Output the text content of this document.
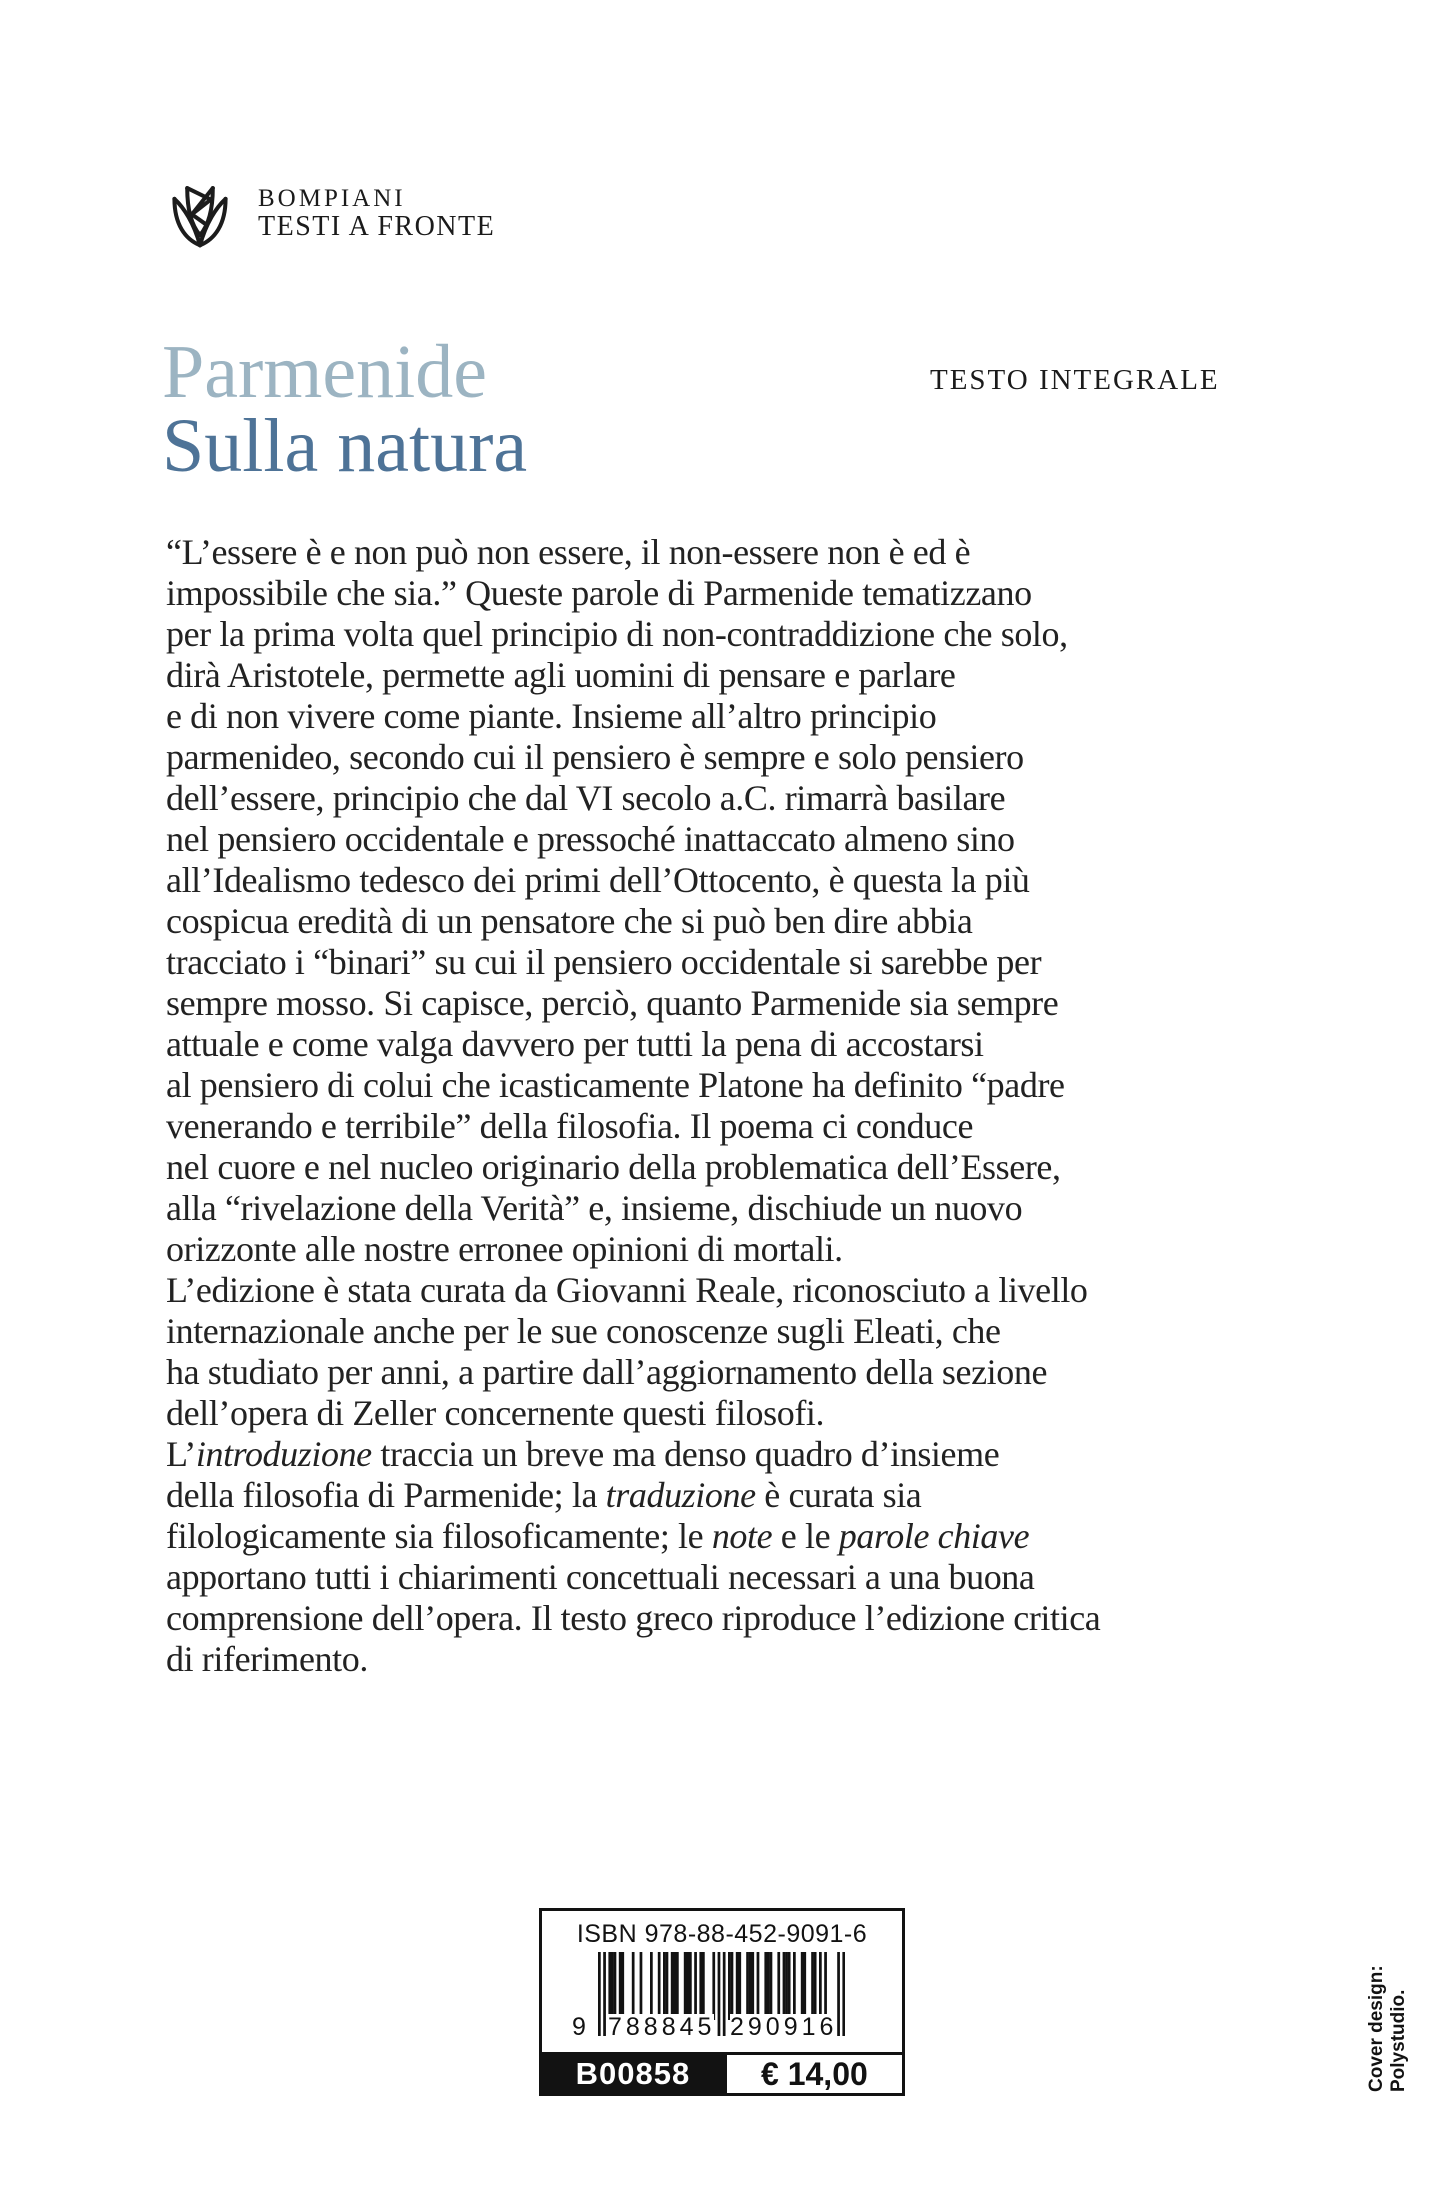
BOMPIANI
TESTI A FRONTE
Parmenide
Sulla natura
TESTO INTEGRALE
“L’essere è e non può non essere, il non-essere non è ed è
impossibile che sia.” Queste parole di Parmenide tematizzano
per la prima volta quel principio di non-contraddizione che solo,
dirà Aristotele, permette agli uomini di pensare e parlare
e di non vivere come piante. Insieme all’altro principio
parmenideo, secondo cui il pensiero è sempre e solo pensiero
dell’essere, principio che dal VI secolo a.C. rimarrà basilare
nel pensiero occidentale e pressoché inattaccato almeno sino
all’Idealismo tedesco dei primi dell’Ottocento, è questa la più
cospicua eredità di un pensatore che si può ben dire abbia
tracciato i “binari” su cui il pensiero occidentale si sarebbe per
sempre mosso. Si capisce, perciò, quanto Parmenide sia sempre
attuale e come valga davvero per tutti la pena di accostarsi
al pensiero di colui che icasticamente Platone ha definito “padre
venerando e terribile” della filosofia. Il poema ci conduce
nel cuore e nel nucleo originario della problematica dell’Essere,
alla “rivelazione della Verità” e, insieme, dischiude un nuovo
orizzonte alle nostre erronee opinioni di mortali.
L’edizione è stata curata da Giovanni Reale, riconosciuto a livello
internazionale anche per le sue conoscenze sugli Eleati, che
ha studiato per anni, a partire dall’aggiornamento della sezione
dell’opera di Zeller concernente questi filosofi.
L’introduzione traccia un breve ma denso quadro d’insieme
della filosofia di Parmenide; la traduzione è curata sia
filologicamente sia filosoficamente; le note e le parole chiave
apportano tutti i chiarimenti concettuali necessari a una buona
comprensione dell’opera. Il testo greco riproduce l’edizione critica
di riferimento.
ISBN 978-88-452-9091-6
9 788845 290916
B00858	€ 14,00	Cover design: Polystudio.
